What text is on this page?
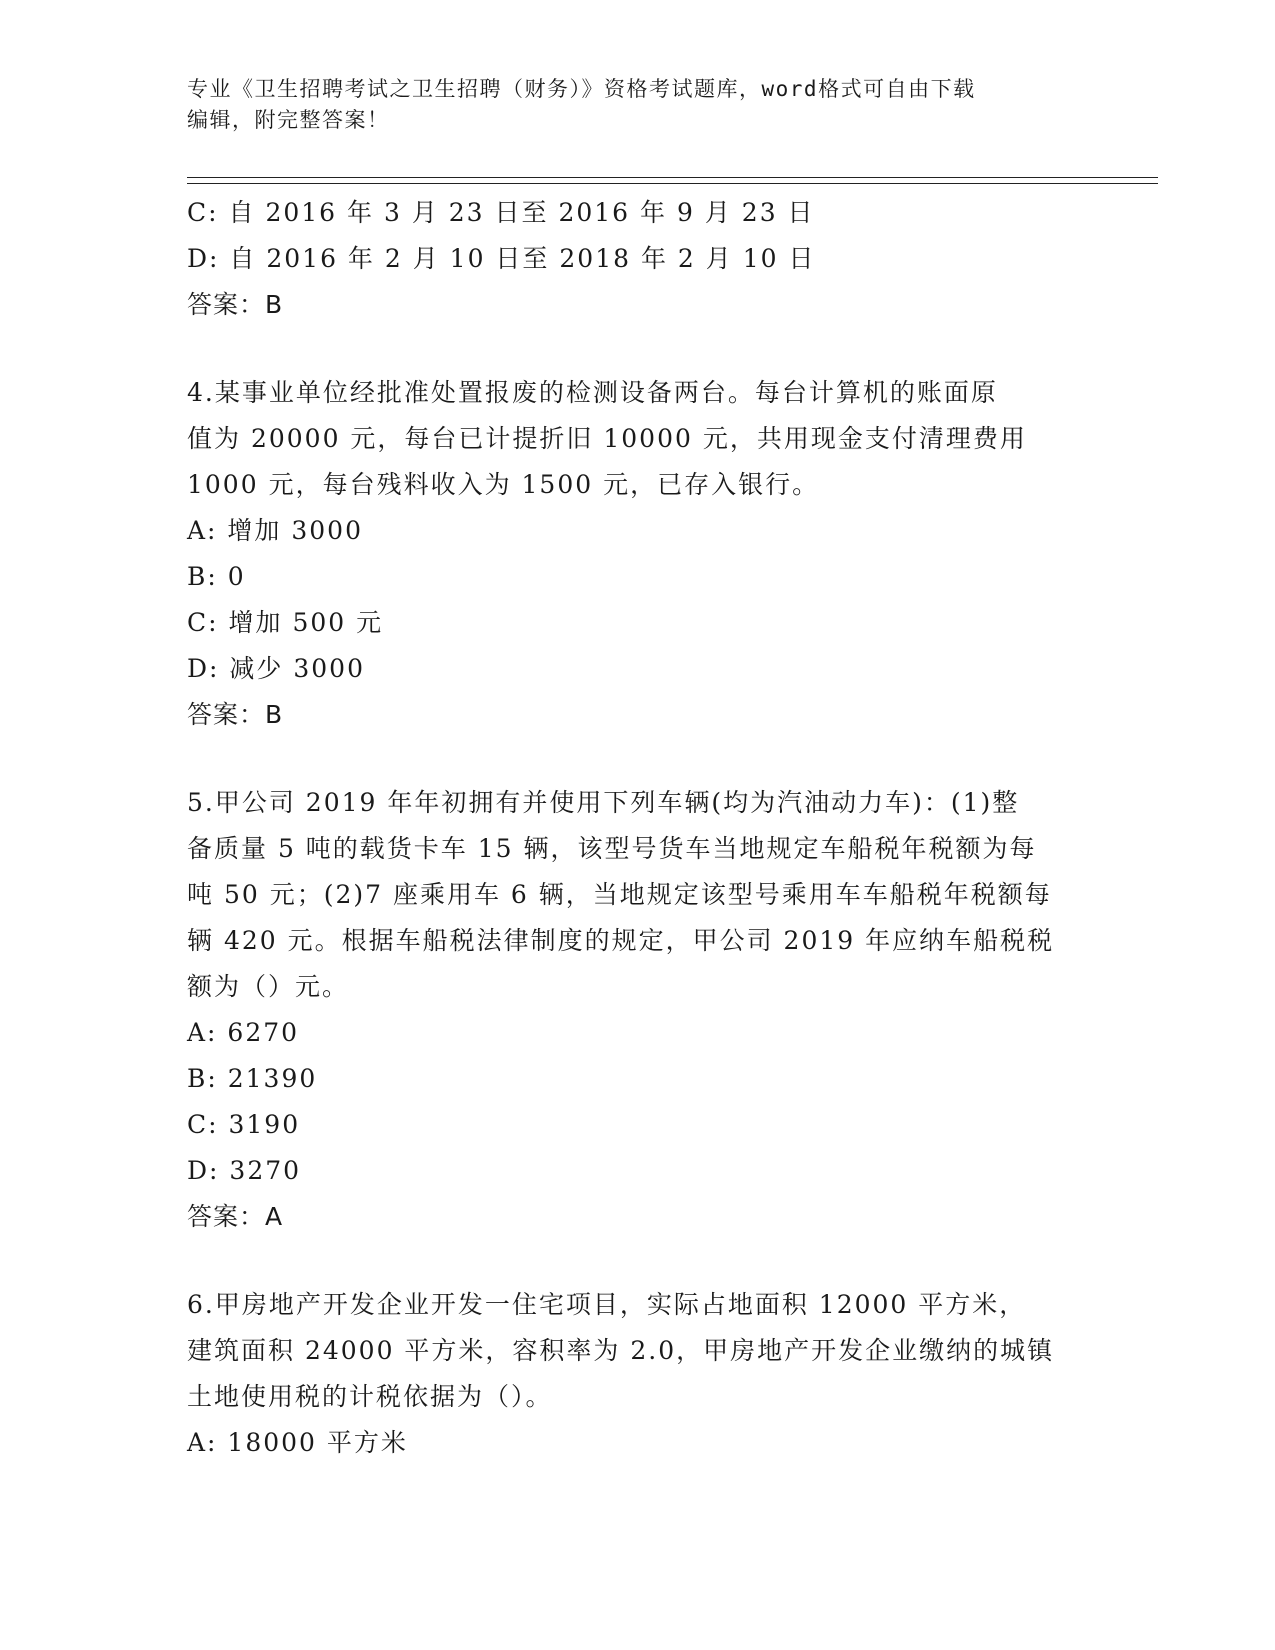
专业《卫生招聘考试之卫生招聘（财务）》资格考试题库，word格式可自由下载
编辑，附完整答案！
C: 自 2016 年 3 月 23 日至 2016 年 9 月 23 日
D: 自 2016 年 2 月 10 日至 2018 年 2 月 10 日
答案：B
4.某事业单位经批准处置报废的检测设备两台。每台计算机的账面原
值为 20000 元，每台已计提折旧 10000 元，共用现金支付清理费用
1000 元，每台残料收入为 1500 元，已存入银行。
A: 增加 3000
B: 0
C: 增加 500 元
D: 减少 3000
答案：B
5.甲公司 2019 年年初拥有并使用下列车辆(均为汽油动力车)：(1)整
备质量 5 吨的载货卡车 15 辆，该型号货车当地规定车船税年税额为每
吨 50 元；(2)7 座乘用车 6 辆，当地规定该型号乘用车车船税年税额每
辆 420 元。根据车船税法律制度的规定，甲公司 2019 年应纳车船税税
额为（）元。
A: 6270
B: 21390
C: 3190
D: 3270
答案：A
6.甲房地产开发企业开发一住宅项目，实际占地面积 12000 平方米，
建筑面积 24000 平方米，容积率为 2.0，甲房地产开发企业缴纳的城镇
土地使用税的计税依据为（）。
A: 18000 平方米
